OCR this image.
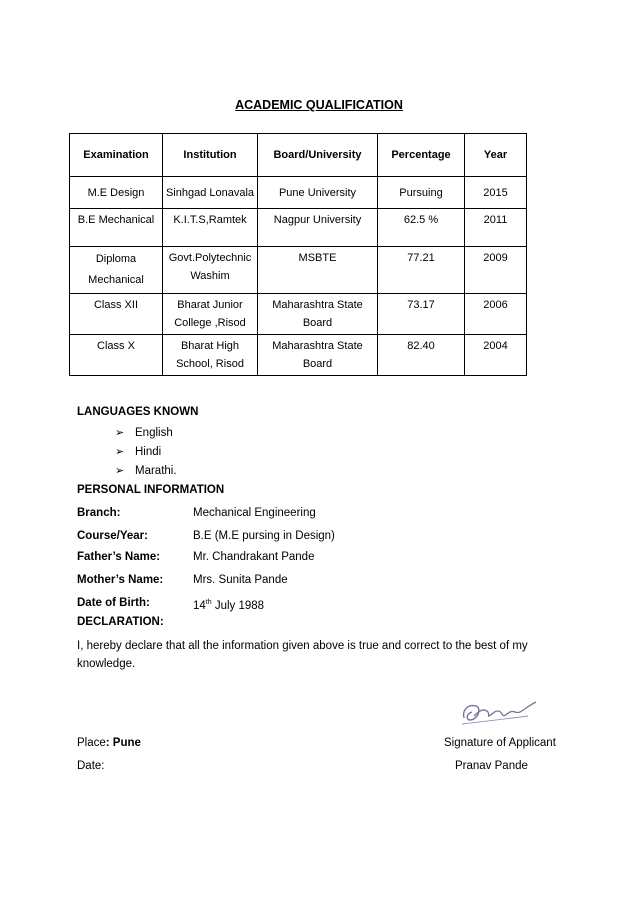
ACADEMIC QUALIFICATION
Examination	Institution	Board/University	Percentage	Year
M.E Design	Sinhgad Lonavala	Pune University	Pursuing	2015
B.E Mechanical	K.I.T.S,Ramtek	Nagpur University	62.5 %	2011
Diploma Mechanical	Govt.Polytechnic Washim	MSBTE	77.21	2009
Class XII	Bharat Junior College ,Risod	Maharashtra State Board	73.17	2006
Class X	Bharat High School, Risod	Maharashtra State Board	82.40	2004
LANGUAGES KNOWN
➢ English
➢ Hindi
➢ Marathi.
PERSONAL INFORMATION
Branch:	Mechanical Engineering
Course/Year:	B.E (M.E pursing in Design)
Father’s Name:	Mr. Chandrakant Pande
Mother’s Name:	Mrs. Sunita Pande
Date of Birth:	14th July 1988
DECLARATION:
I, hereby declare that all the information given above is true and correct to the best of my knowledge.
Place: Pune
Date:
Signature of Applicant
Pranav Pande
